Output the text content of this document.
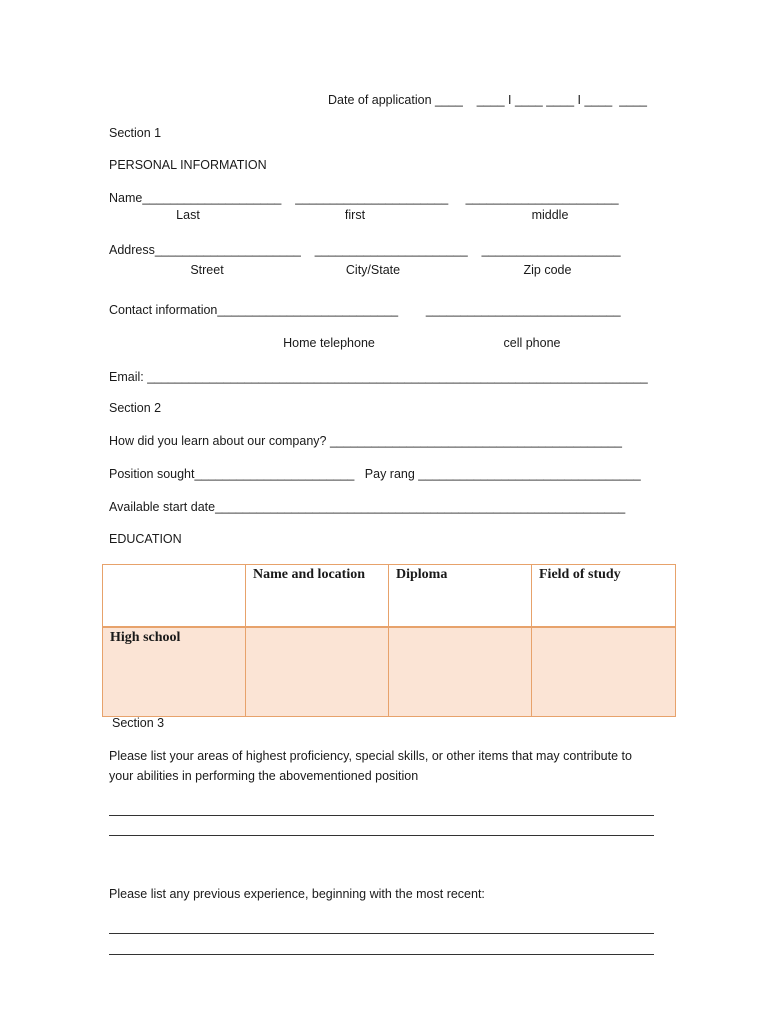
Date of application ____    ____ I ____ ____ I ____  ____
Section 1
PERSONAL INFORMATION
Name____________________    ______________________     ______________________
Last	first	middle
Address_____________________    ______________________    ____________________
Street	City/State	Zip code
Contact information__________________________        ____________________________
Home telephone	cell phone
Email: ________________________________________________________________________
Section 2
How did you learn about our company? __________________________________________
Position sought_______________________   Pay rang ________________________________
Available start date___________________________________________________________
EDUCATION
	Name and location	Diploma	Field of study
High school			
Section 3
Please list your areas of highest proficiency, special skills, or other items that may contribute to
your abilities in performing the abovementioned position
Please list any previous experience, beginning with the most recent:
